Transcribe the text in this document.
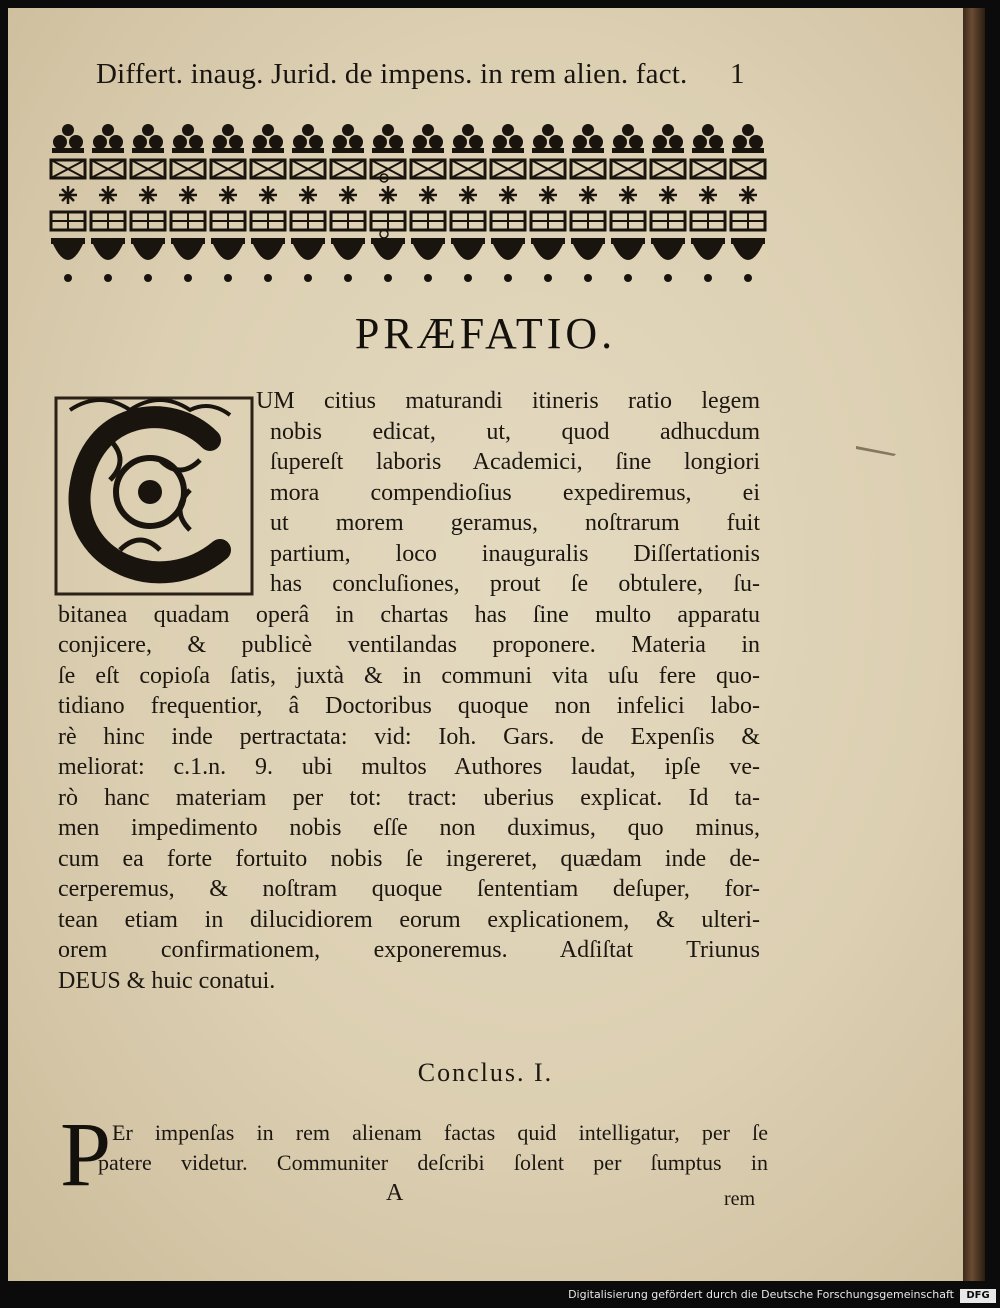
Differt. inaug. Jurid. de impens. in rem alien. fact.	1
PRÆFATIO.
UM citius maturandi itineris ratio legem
nobis edicat, ut, quod adhucdum
ſupereſt laboris Academici, ſine longiori
mora compendioſius expediremus, ei
ut morem geramus, noſtrarum fuit
partium, loco inauguralis Diſſertationis
has concluſiones, prout ſe obtulere, ſu-
bitanea quadam operâ in chartas has ſine multo apparatu
conjicere, & publicè ventilandas proponere. Materia in
ſe eſt copioſa ſatis, juxtà & in communi vita uſu fere quo-
tidiano frequentior, â Doctoribus quoque non infelici labo-
rè hinc inde pertractata: vid: Ioh. Gars. de Expenſis &
meliorat: c.1.n. 9. ubi multos Authores laudat, ipſe ve-
rò hanc materiam per tot: tract: uberius explicat. Id ta-
men impedimento nobis eſſe non duximus, quo minus,
cum ea forte fortuito nobis ſe ingereret, quædam inde de-
cerperemus, & noſtram quoque ſententiam deſuper, for-
tean etiam in dilucidiorem eorum explicationem, & ulteri-
orem confirmationem, exponeremus. Adſiſtat Triunus
DEUS & huic conatui.
Conclus. I.
P Er impenſas in rem alienam factas quid intelligatur, per ſe
patere videtur. Communiter deſcribi ſolent per ſumptus in
A	rem
Digitalisierung gefördert durch die Deutsche Forschungsgemeinschaft	DFG
